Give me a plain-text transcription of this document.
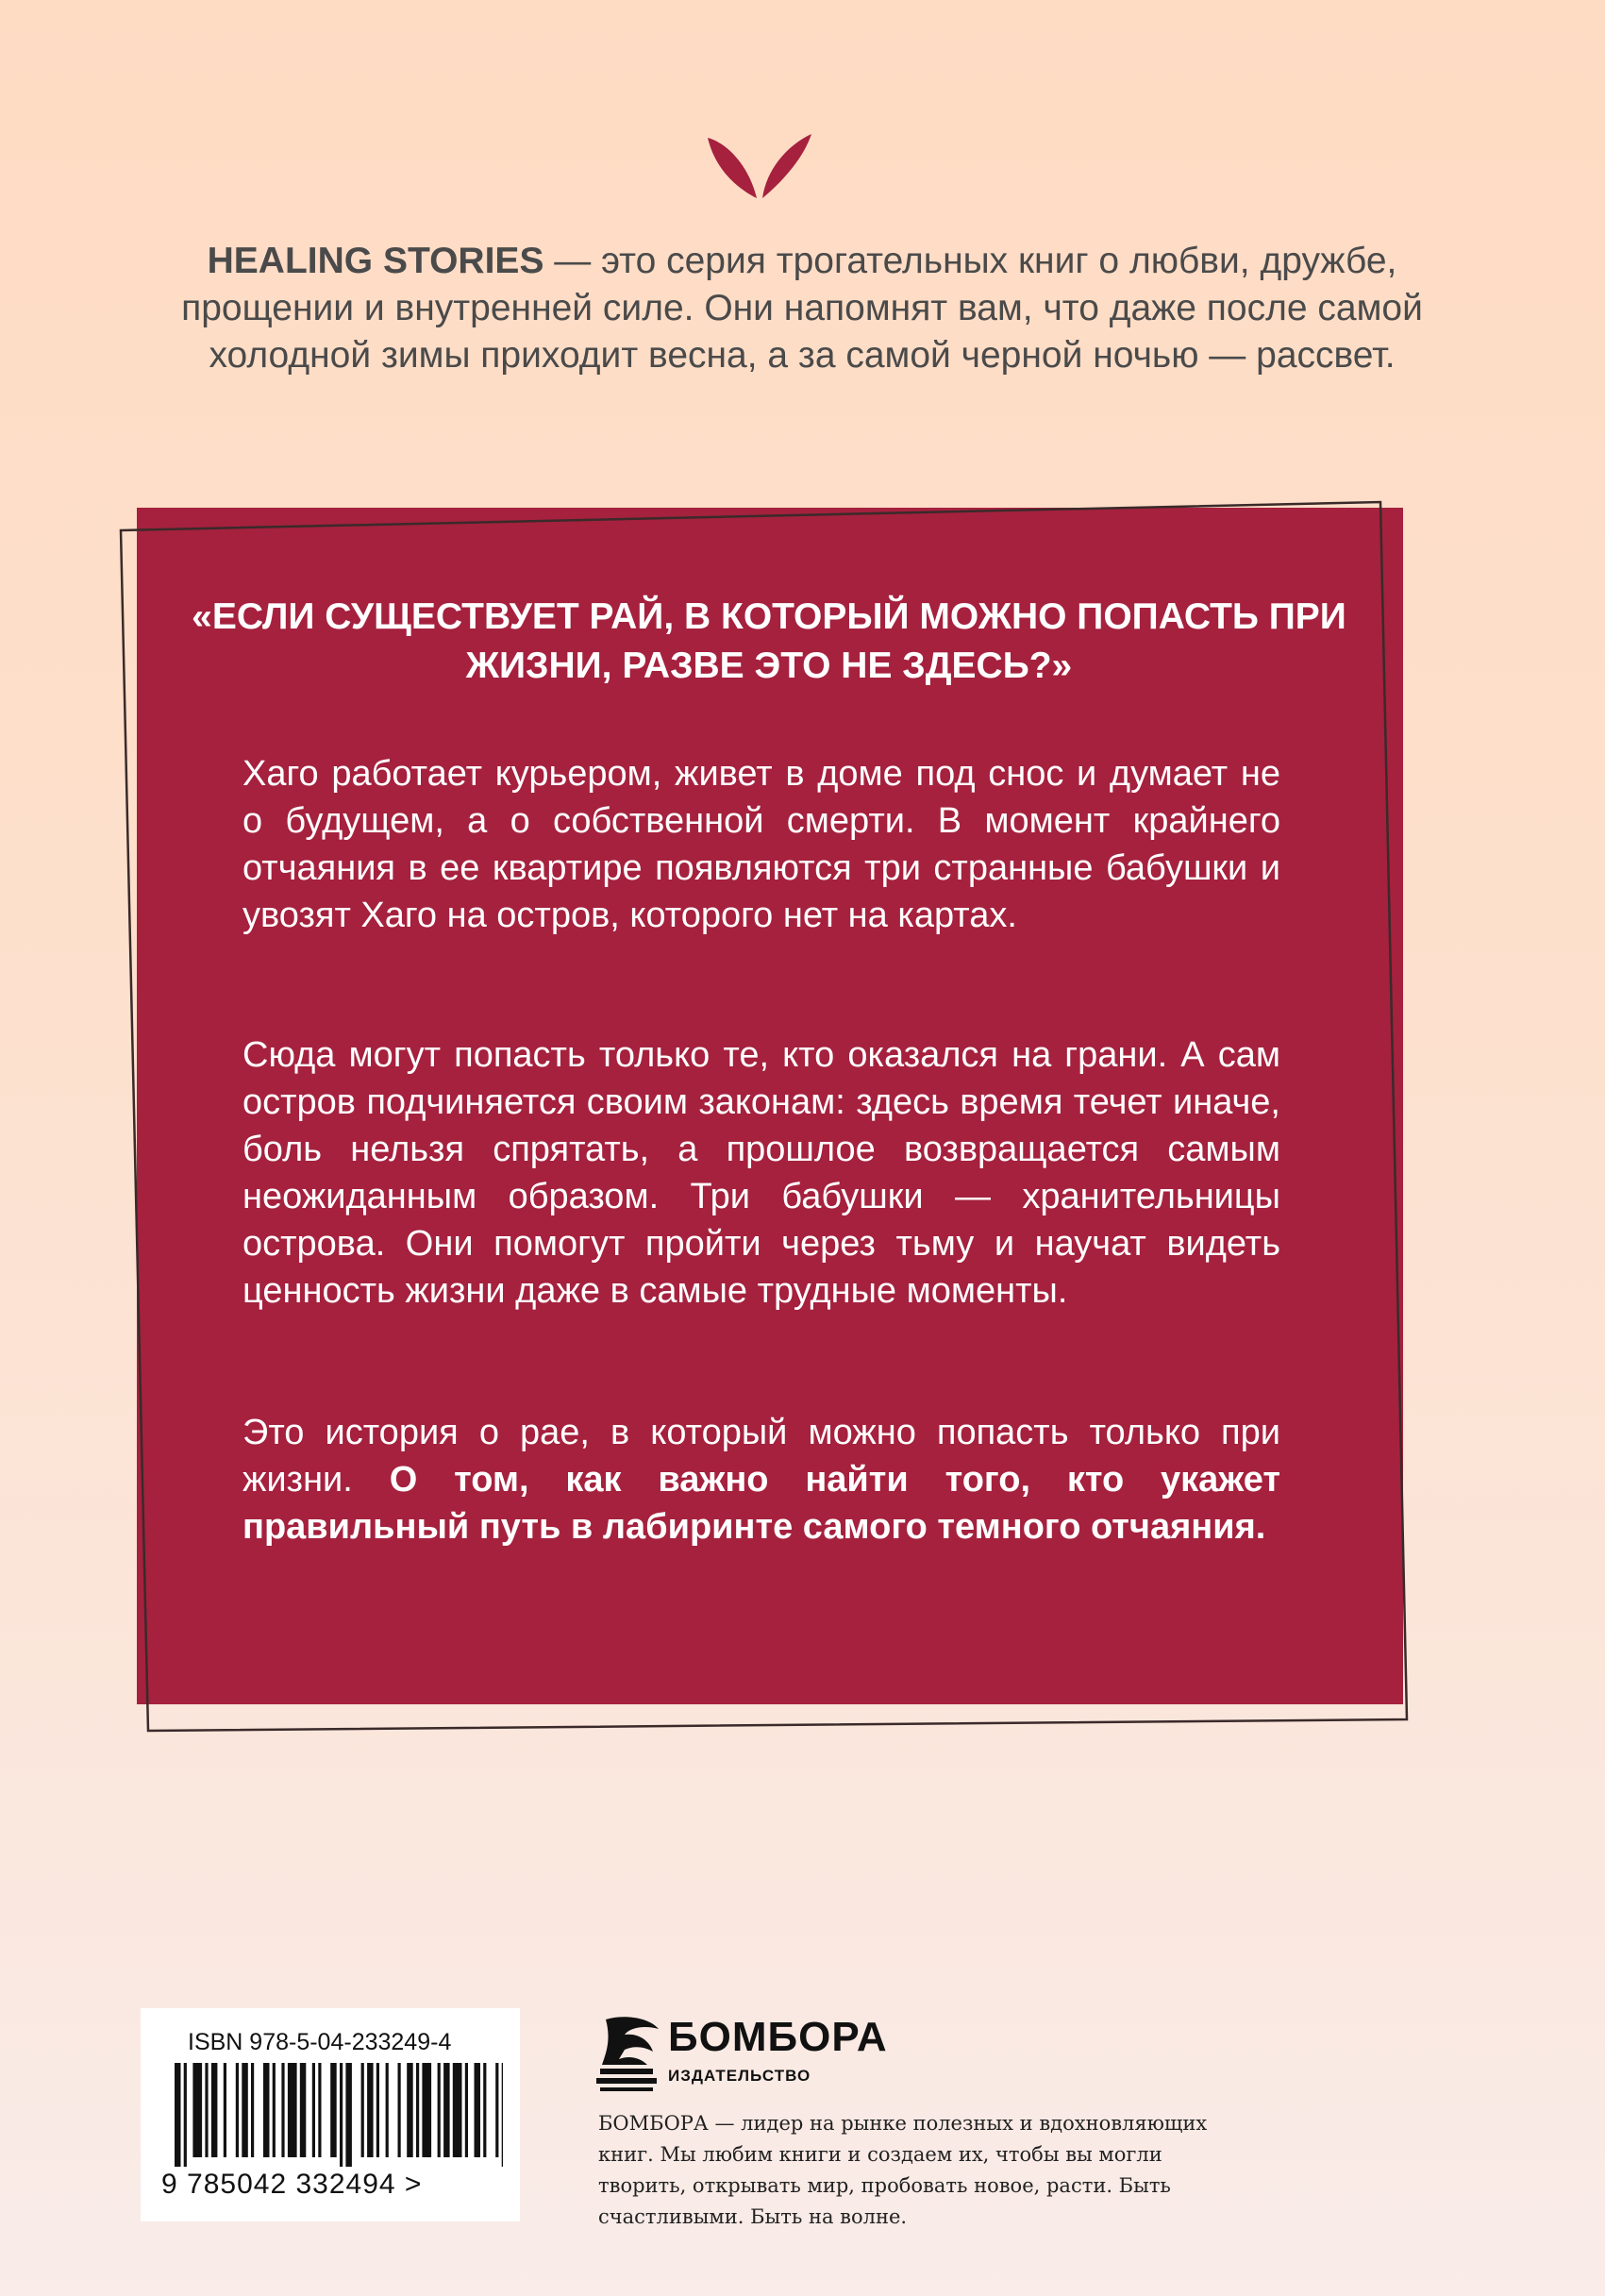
HEALING STORIES — это серия трогательных книг о любви, дружбе, прощении и внутренней силе. Они напомнят вам, что даже после самой холодной зимы приходит весна, а за самой черной ночью — рассвет.

«ЕСЛИ СУЩЕСТВУЕТ РАЙ, В КОТОРЫЙ МОЖНО ПОПАСТЬ ПРИ ЖИЗНИ, РАЗВЕ ЭТО НЕ ЗДЕСЬ?»

Хаго работает курьером, живет в доме под снос и думает не о будущем, а о собственной смерти. В момент крайнего отчаяния в ее квартире появляются три странные бабушки и увозят Хаго на остров, которого нет на картах.

Сюда могут попасть только те, кто оказался на грани. А сам остров подчиняется своим законам: здесь время течет иначе, боль нельзя спрятать, а прошлое возвращается самым неожиданным образом. Три бабушки — хранительницы острова. Они помогут пройти через тьму и научат видеть ценность жизни даже в самые трудные моменты.

Это история о рае, в который можно попасть только при жизни. О том, как важно найти того, кто укажет правильный путь в лабиринте самого темного отчаяния.

ISBN 978-5-04-233249-4
9 785042 332494 >
БОМБОРА
ИЗДАТЕЛЬСТВО

БОМБОРА — лидер на рынке полезных и вдохновляющих книг. Мы любим книги и создаем их, чтобы вы могли творить, открывать мир, пробовать новое, расти. Быть счастливыми. Быть на волне.
